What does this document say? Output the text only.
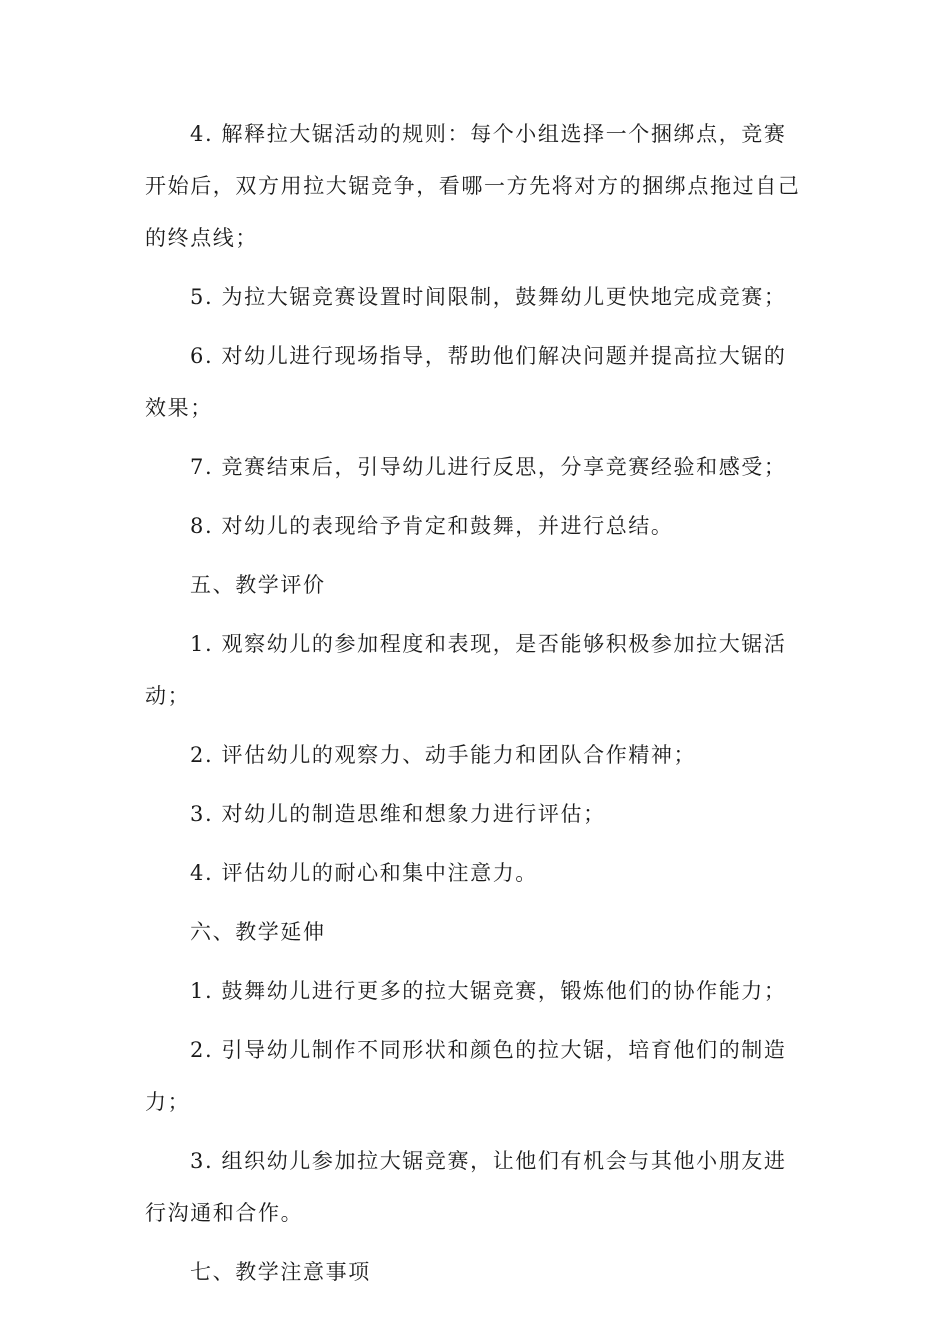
4. 解释拉大锯活动的规则：每个小组选择一个捆绑点，竞赛开始后，双方用拉大锯竞争，看哪一方先将对方的捆绑点拖过自己的终点线；

5. 为拉大锯竞赛设置时间限制，鼓舞幼儿更快地完成竞赛；

6. 对幼儿进行现场指导，帮助他们解决问题并提高拉大锯的效果；

7. 竞赛结束后，引导幼儿进行反思，分享竞赛经验和感受；

8. 对幼儿的表现给予肯定和鼓舞，并进行总结。

五、教学评价

1. 观察幼儿的参加程度和表现，是否能够积极参加拉大锯活动；

2. 评估幼儿的观察力、动手能力和团队合作精神；

3. 对幼儿的制造思维和想象力进行评估；

4. 评估幼儿的耐心和集中注意力。

六、教学延伸

1. 鼓舞幼儿进行更多的拉大锯竞赛，锻炼他们的协作能力；

2. 引导幼儿制作不同形状和颜色的拉大锯，培育他们的制造力；

3. 组织幼儿参加拉大锯竞赛，让他们有机会与其他小朋友进行沟通和合作。

七、教学注意事项
